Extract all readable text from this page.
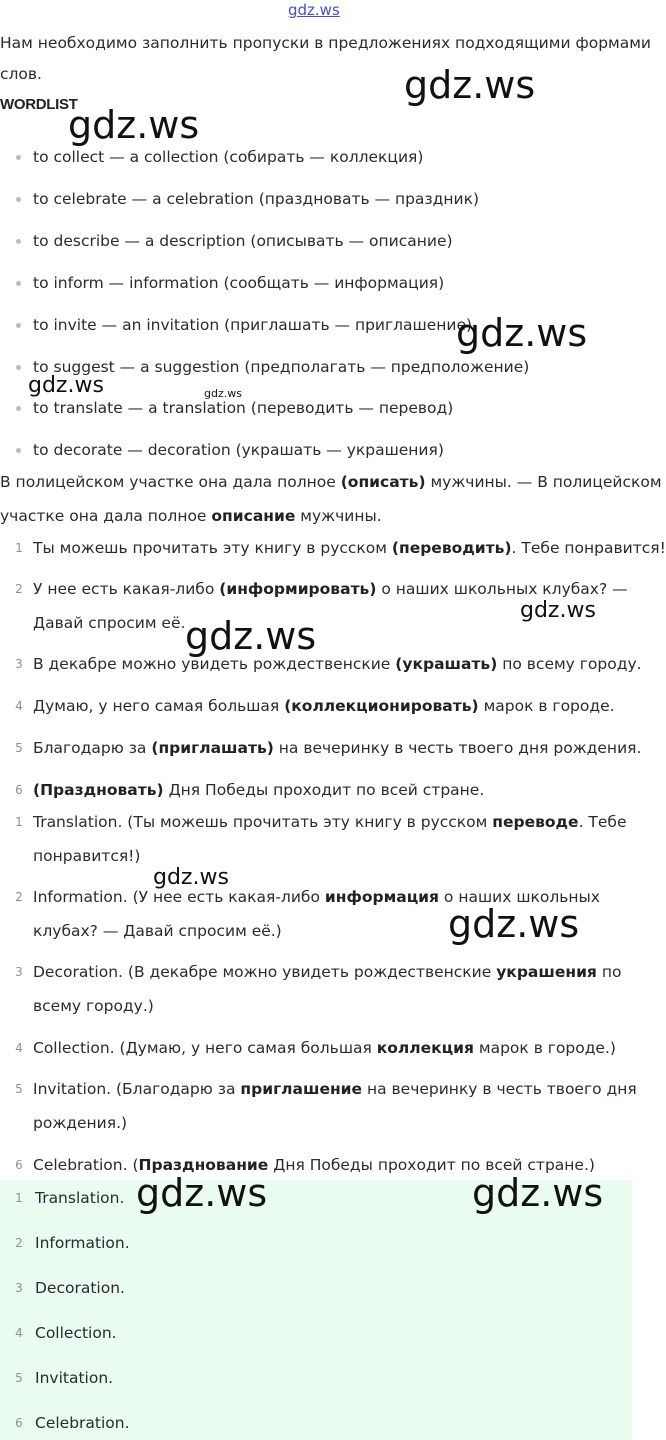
gdz.ws
Нам необходимо заполнить пропуски в предложениях подходящими формами
слов.
WORDLIST
to collect — a collection (собирать — коллекция)
to celebrate — a celebration (праздновать — праздник)
to describe — a description (описывать — описание)
to inform — information (сообщать — информация)
to invite — an invitation (приглашать — приглашение)
to suggest — a suggestion (предполагать — предположение)
to translate — a translation (переводить — перевод)
to decorate — decoration (украшать — украшения)
В полицейском участке она дала полное (описать) мужчины. — В полицейском
участке она дала полное описание мужчины.
1 Ты можешь прочитать эту книгу в русском (переводить). Тебе понравится!
2 У нее есть какая-либо (информировать) о наших школьных клубах? —
Давай спросим её.
3 В декабре можно увидеть рождественские (украшать) по всему городу.
4 Думаю, у него самая большая (коллекционировать) марок в городе.
5 Благодарю за (приглашать) на вечеринку в честь твоего дня рождения.
6 (Праздновать) Дня Победы проходит по всей стране.
1 Translation. (Ты можешь прочитать эту книгу в русском переводе. Тебе
понравится!)
2 Information. (У нее есть какая-либо информация о наших школьных
клубах? — Давай спросим её.)
3 Decoration. (В декабре можно увидеть рождественские украшения по
всему городу.)
4 Collection. (Думаю, у него самая большая коллекция марок в городе.)
5 Invitation. (Благодарю за приглашение на вечеринку в честь твоего дня
рождения.)
6 Celebration. (Празднование Дня Победы проходит по всей стране.)
1 Translation.
2 Information.
3 Decoration.
4 Collection.
5 Invitation.
6 Celebration.
gdz.ws
gdz.ws
gdz.ws
gdz.ws	gdz.ws
gdz.ws
gdz.ws
gdz.ws
gdz.ws
gdz.ws	gdz.ws
